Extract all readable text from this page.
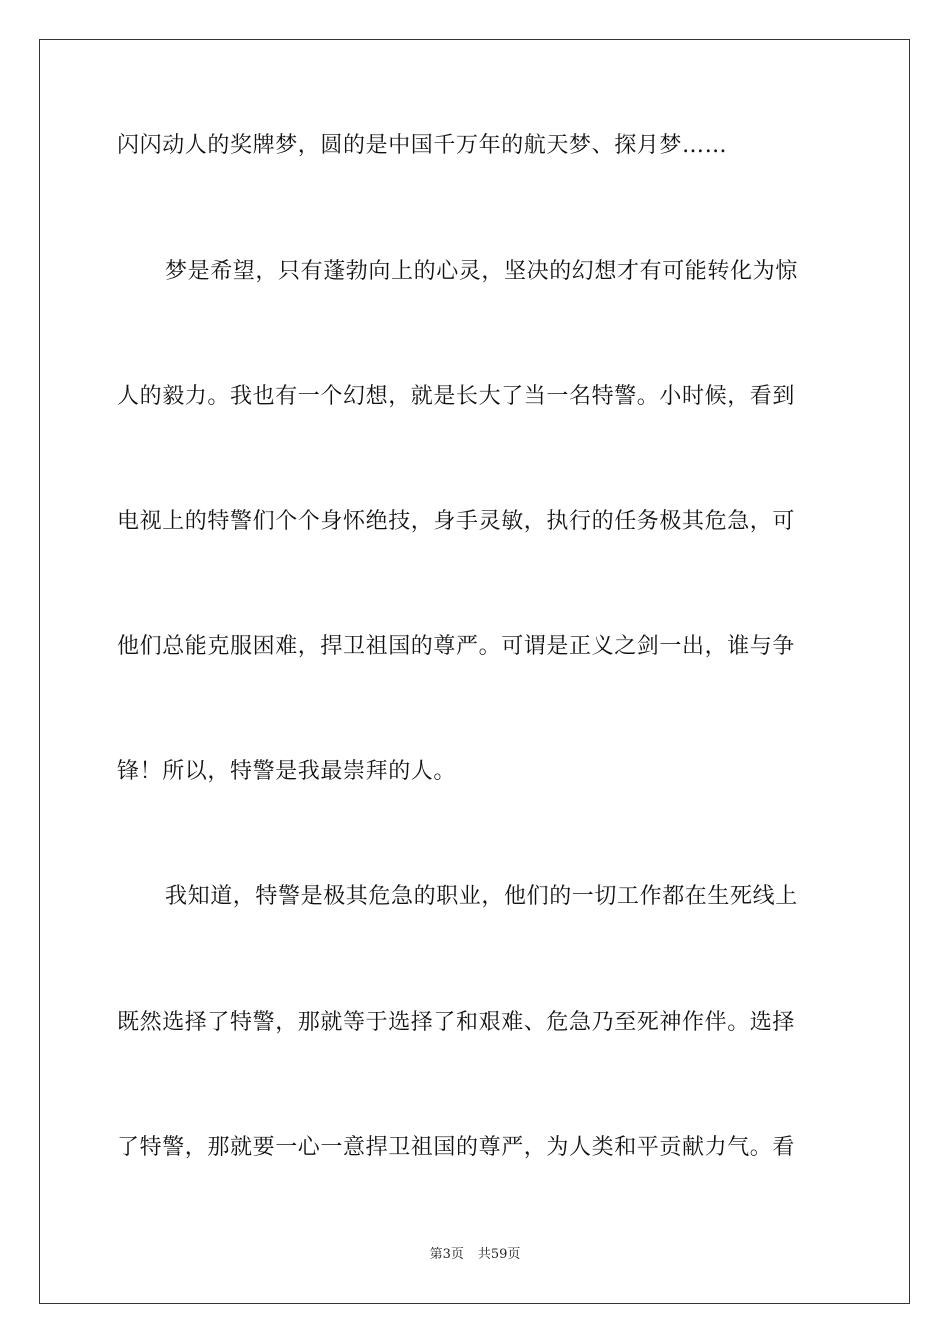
闪闪动人的奖牌梦，圆的是中国千万年的航天梦、探月梦……
梦是希望，只有蓬勃向上的心灵，坚决的幻想才有可能转化为惊
人的毅力。我也有一个幻想，就是长大了当一名特警。小时候，看到
电视上的特警们个个身怀绝技，身手灵敏，执行的任务极其危急，可
他们总能克服困难，捍卫祖国的尊严。可谓是正义之剑一出，谁与争
锋！所以，特警是我最崇拜的人。
我知道，特警是极其危急的职业，他们的一切工作都在生死线上
既然选择了特警，那就等于选择了和艰难、危急乃至死神作伴。选择
了特警，那就要一心一意捍卫祖国的尊严，为人类和平贡献力气。看
第3页 共59页
